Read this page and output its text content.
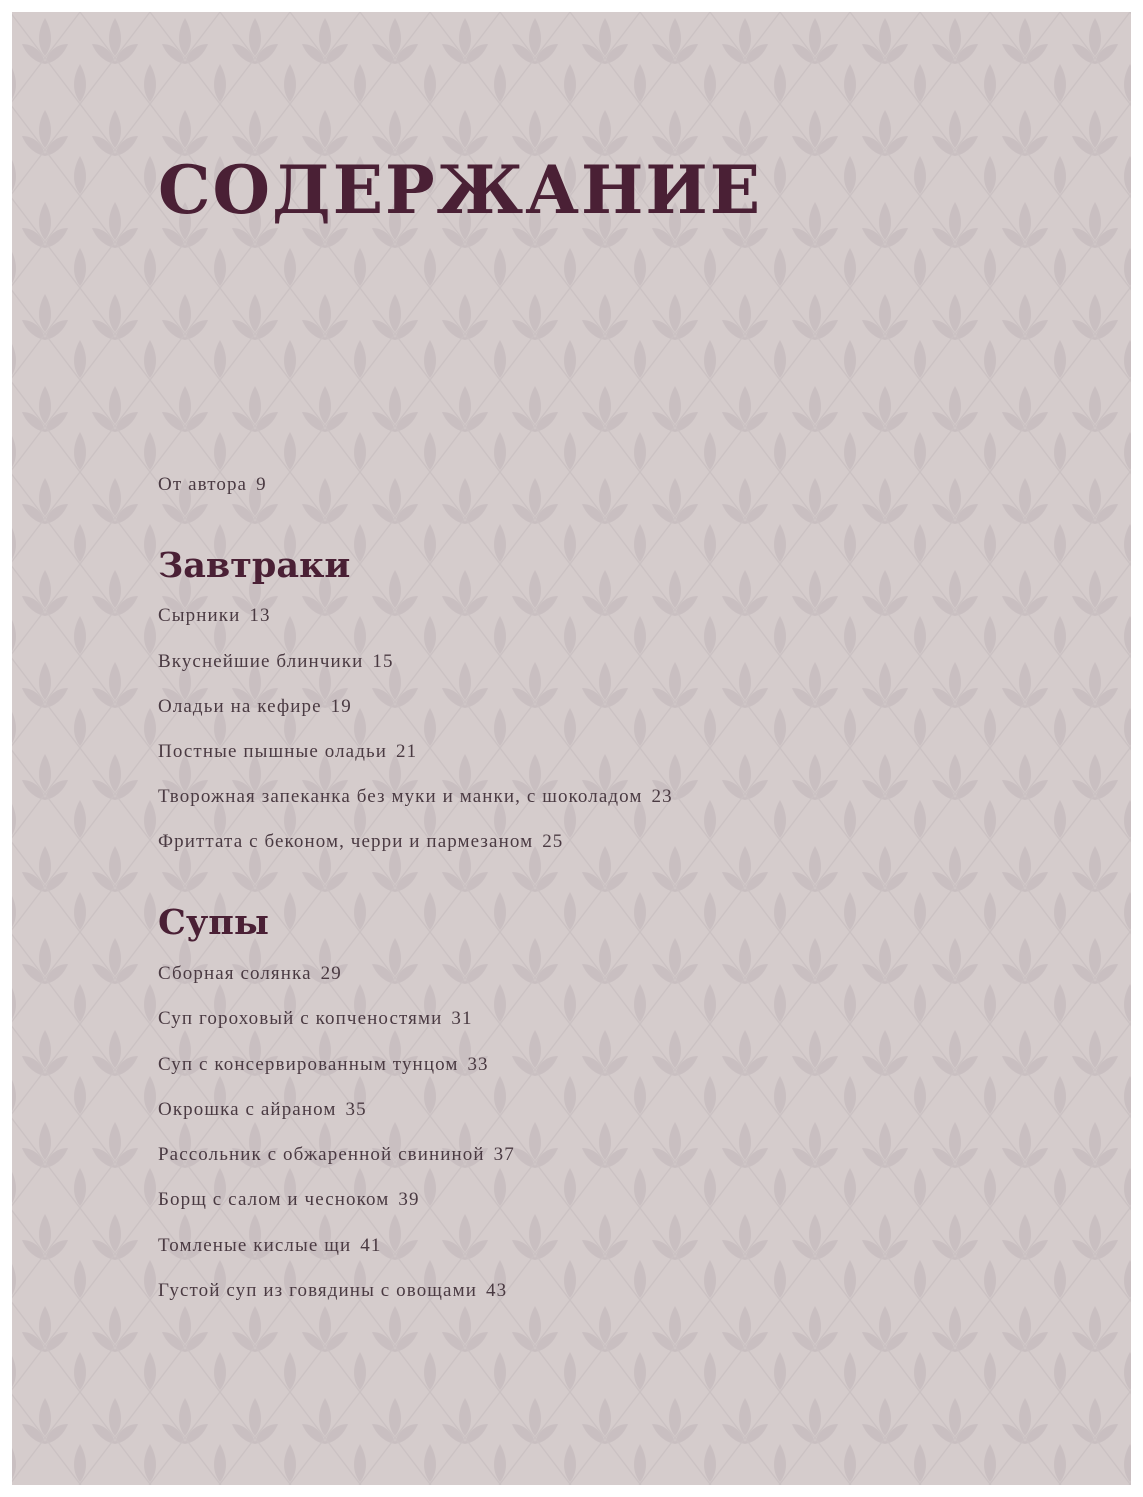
СОДЕРЖАНИЕ

От автора 9

Завтраки

Сырники 13

Вкуснейшие блинчики 15

Оладьи на кефире 19

Постные пышные оладьи 21

Творожная запеканка без муки и манки, с шоколадом 23

Фриттата с беконом, черри и пармезаном 25

Супы

Сборная солянка 29

Суп гороховый с копченостями 31

Суп с консервированным тунцом 33

Окрошка с айраном 35

Рассольник с обжаренной свининой 37

Борщ с салом и чесноком 39

Томленые кислые щи 41

Густой суп из говядины с овощами 43
